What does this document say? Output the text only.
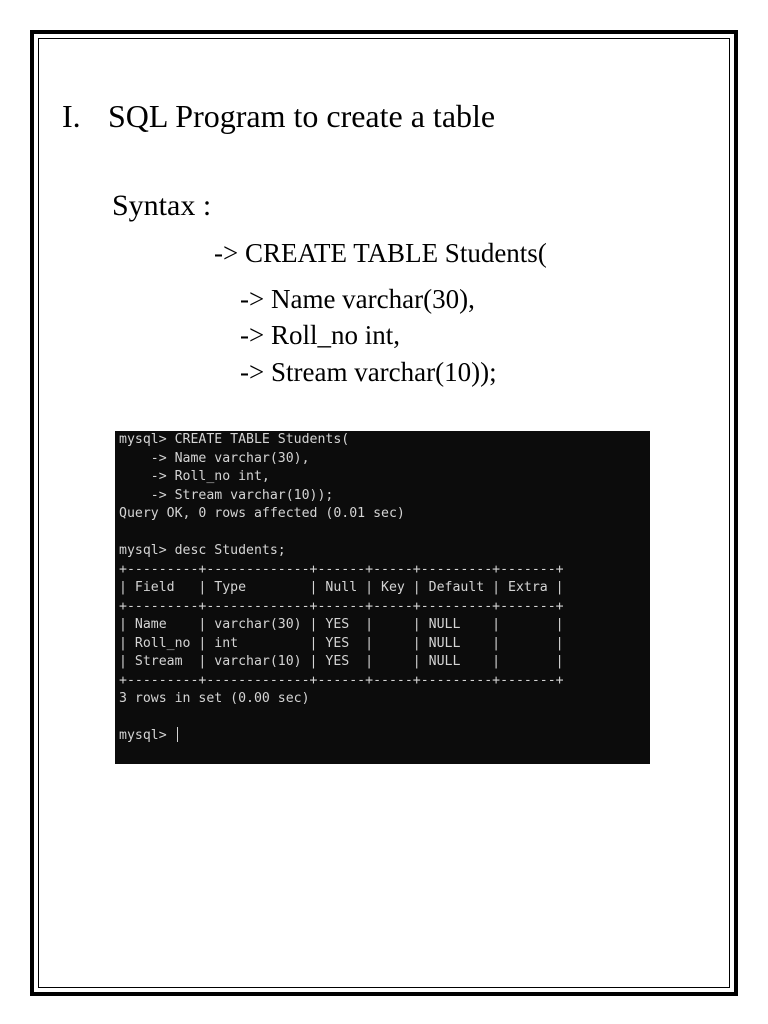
I. SQL Program to create a table
Syntax :
-> CREATE TABLE Students(
-> Name varchar(30),
-> Roll_no int,
-> Stream varchar(10));
mysql> CREATE TABLE Students(
-> Name varchar(30),
-> Roll_no int,
-> Stream varchar(10));
Query OK, 0 rows affected (0.01 sec)

mysql> desc Students;
+---------+-------------+------+-----+---------+-------+
| Field   | Type        | Null | Key | Default | Extra |
+---------+-------------+------+-----+---------+-------+
| Name    | varchar(30) | YES  |     | NULL    |       |
| Roll_no | int         | YES  |     | NULL    |       |
| Stream  | varchar(10) | YES  |     | NULL    |       |
+---------+-------------+------+-----+---------+-------+
3 rows in set (0.00 sec)

mysql>
